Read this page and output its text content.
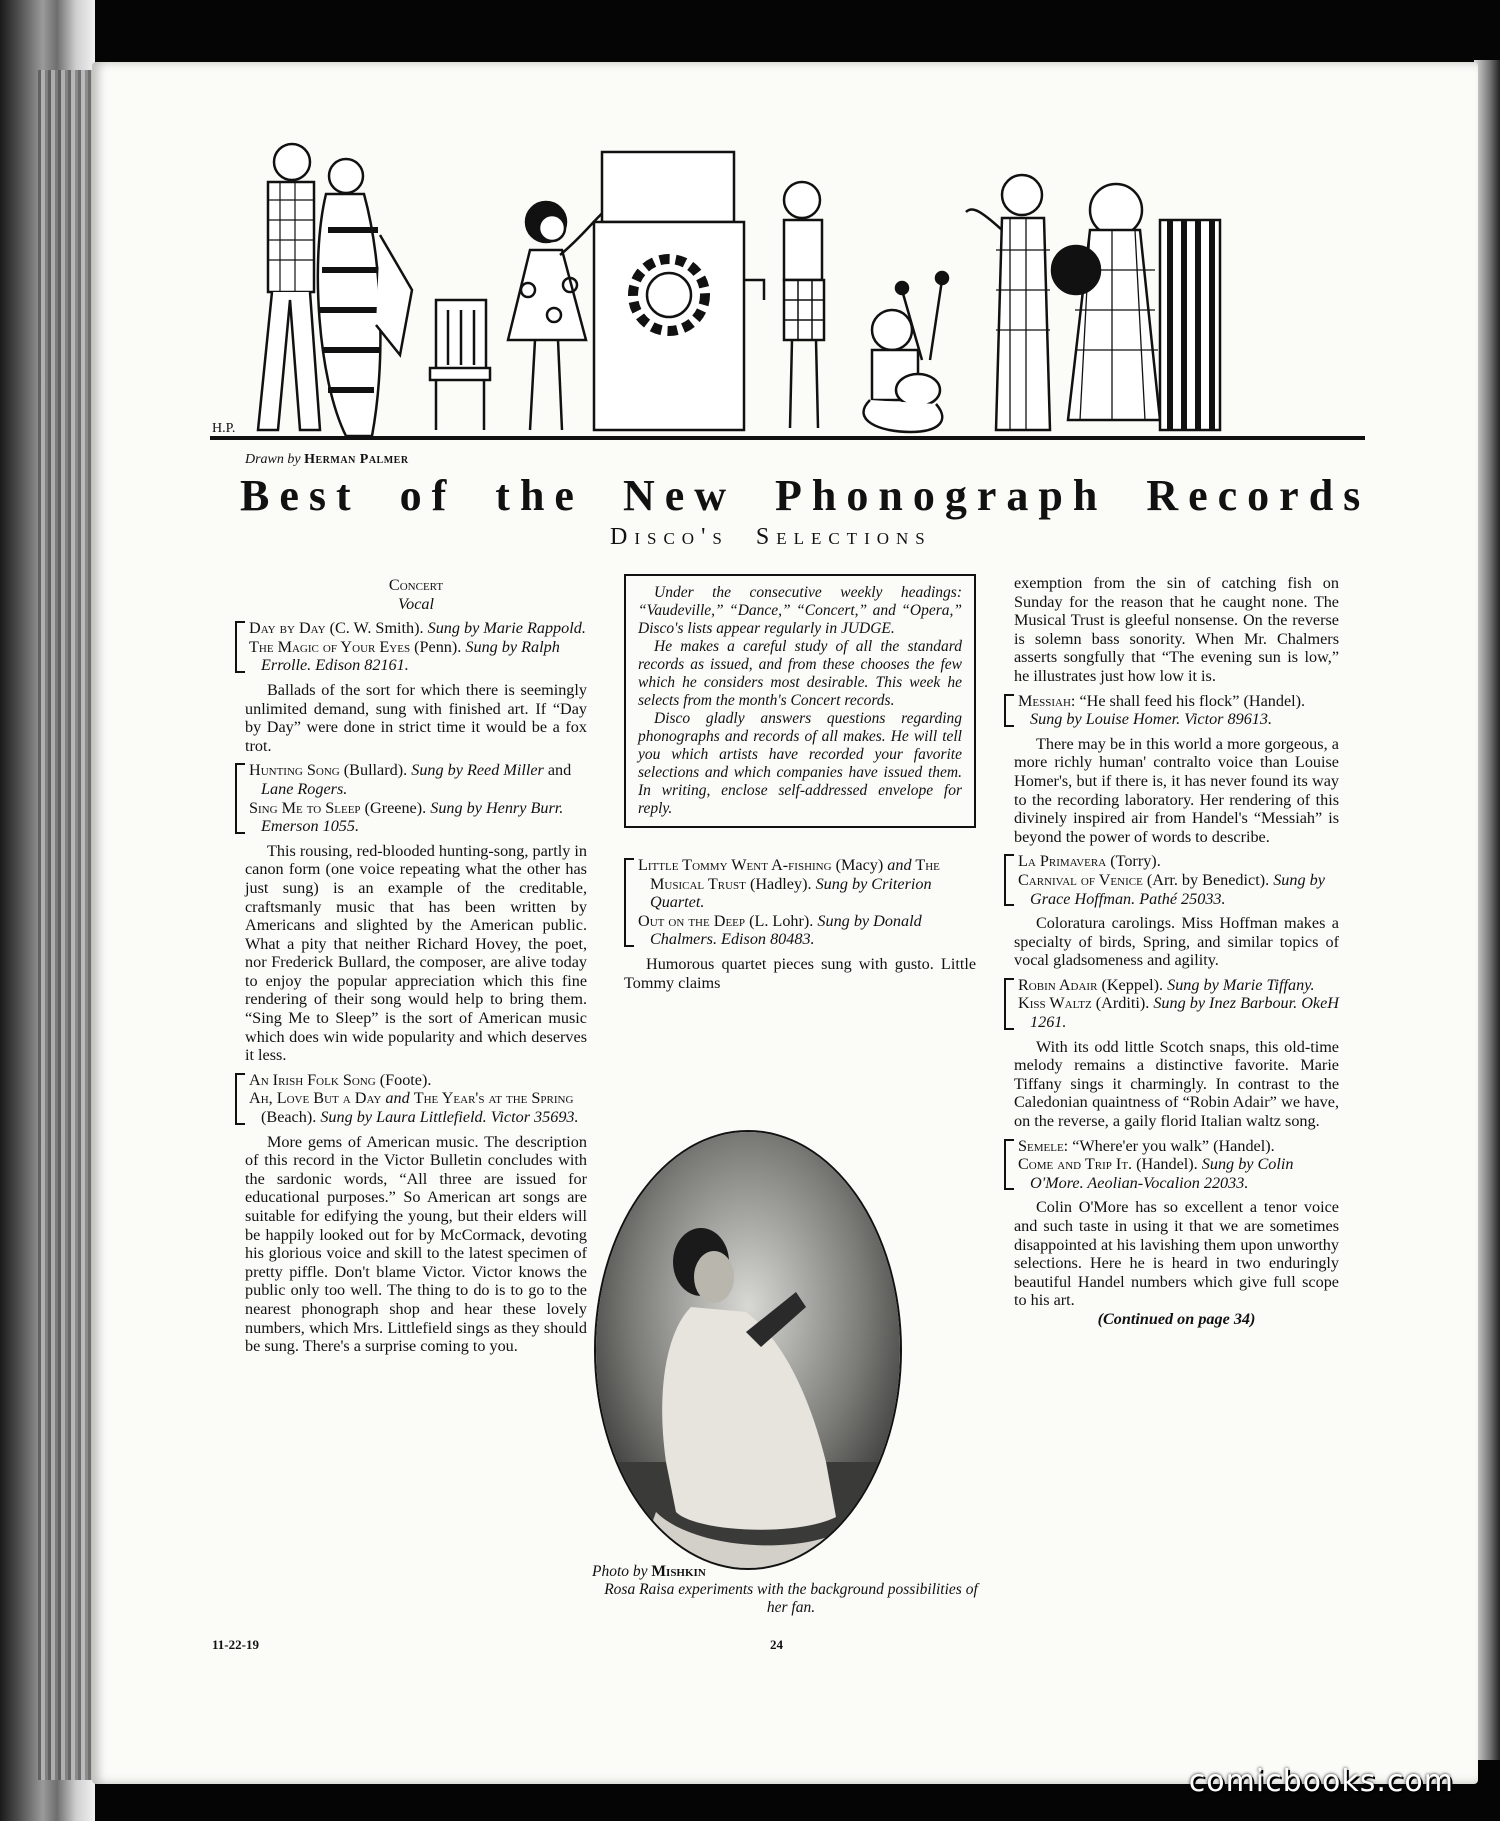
H.P.
Drawn by Herman Palmer
Best of the New Phonograph Records
Disco's Selections
Concert
Vocal
Day by Day (C. W. Smith). Sung by Marie Rappold.
The Magic of Your Eyes (Penn). Sung by Ralph Errolle. Edison 82161.

Ballads of the sort for which there is seemingly unlimited demand, sung with finished art. If “Day by Day” were done in strict time it would be a fox trot.

Hunting Song (Bullard). Sung by Reed Miller and Lane Rogers.
Sing Me to Sleep (Greene). Sung by Henry Burr. Emerson 1055.

This rousing, red-blooded hunting-song, partly in canon form (one voice repeating what the other has just sung) is an example of the creditable, craftsmanly music that has been written by Americans and slighted by the American public. What a pity that neither Richard Hovey, the poet, nor Frederick Bullard, the composer, are alive today to enjoy the popular appreciation which this fine rendering of their song would help to bring them. “Sing Me to Sleep” is the sort of American music which does win wide popularity and which deserves it less.

An Irish Folk Song (Foote).
Ah, Love But a Day and The Year's at the Spring (Beach). Sung by Laura Littlefield. Victor 35693.

More gems of American music. The description of this record in the Victor Bulletin concludes with the sardonic words, “All three are issued for educational purposes.” So American art songs are suitable for edifying the young, but their elders will be happily looked out for by McCormack, devoting his glorious voice and skill to the latest specimen of pretty piffle. Don't blame Victor. Victor knows the public only too well. The thing to do is to go to the nearest phonograph shop and hear these lovely numbers, which Mrs. Littlefield sings as they should be sung. There's a surprise coming to you.

Under the consecutive weekly headings: “Vaudeville,” “Dance,” “Concert,” and “Opera,” Disco's lists appear regularly in JUDGE.

He makes a careful study of all the standard records as issued, and from these chooses the few which he considers most desirable. This week he selects from the month's Concert records.

Disco gladly answers questions regarding phonographs and records of all makes. He will tell you which artists have recorded your favorite selections and which companies have issued them. In writing, enclose self-addressed envelope for reply.

Little Tommy Went A-fishing (Macy) and The Musical Trust (Hadley). Sung by Criterion Quartet.
Out on the Deep (L. Lohr). Sung by Donald Chalmers. Edison 80483.

Humorous quartet pieces sung with gusto. Little Tommy claims

Photo by Mishkin
Rosa Raisa experiments with the background possibilities of her fan.

exemption from the sin of catching fish on Sunday for the reason that he caught none. The Musical Trust is gleeful nonsense. On the reverse is solemn bass sonority. When Mr. Chalmers asserts songfully that “The evening sun is low,” he illustrates just how low it is.

Messiah: “He shall feed his flock” (Handel). Sung by Louise Homer. Victor 89613.

There may be in this world a more gorgeous, a more richly human' contralto voice than Louise Homer's, but if there is, it has never found its way to the recording laboratory. Her rendering of this divinely inspired air from Handel's “Messiah” is beyond the power of words to describe.

La Primavera (Torry).
Carnival of Venice (Arr. by Benedict). Sung by Grace Hoffman. Pathé 25033.

Coloratura carolings. Miss Hoffman makes a specialty of birds, Spring, and similar topics of vocal gladsomeness and agility.

Robin Adair (Keppel). Sung by Marie Tiffany.
Kiss Waltz (Arditi). Sung by Inez Barbour. OkeH 1261.

With its odd little Scotch snaps, this old-time melody remains a distinctive favorite. Marie Tiffany sings it charmingly. In contrast to the Caledonian quaintness of “Robin Adair” we have, on the reverse, a gaily florid Italian waltz song.

Semele: “Where'er you walk” (Handel).
Come and Trip It. (Handel). Sung by Colin O'More. Aeolian-Vocalion 22033.

Colin O'More has so excellent a tenor voice and such taste in using it that we are sometimes disappointed at his lavishing them upon unworthy selections. Here he is heard in two enduringly beautiful Handel numbers which give full scope to his art.

(Continued on page 34)
11-22-19	24
comicbooks.com
